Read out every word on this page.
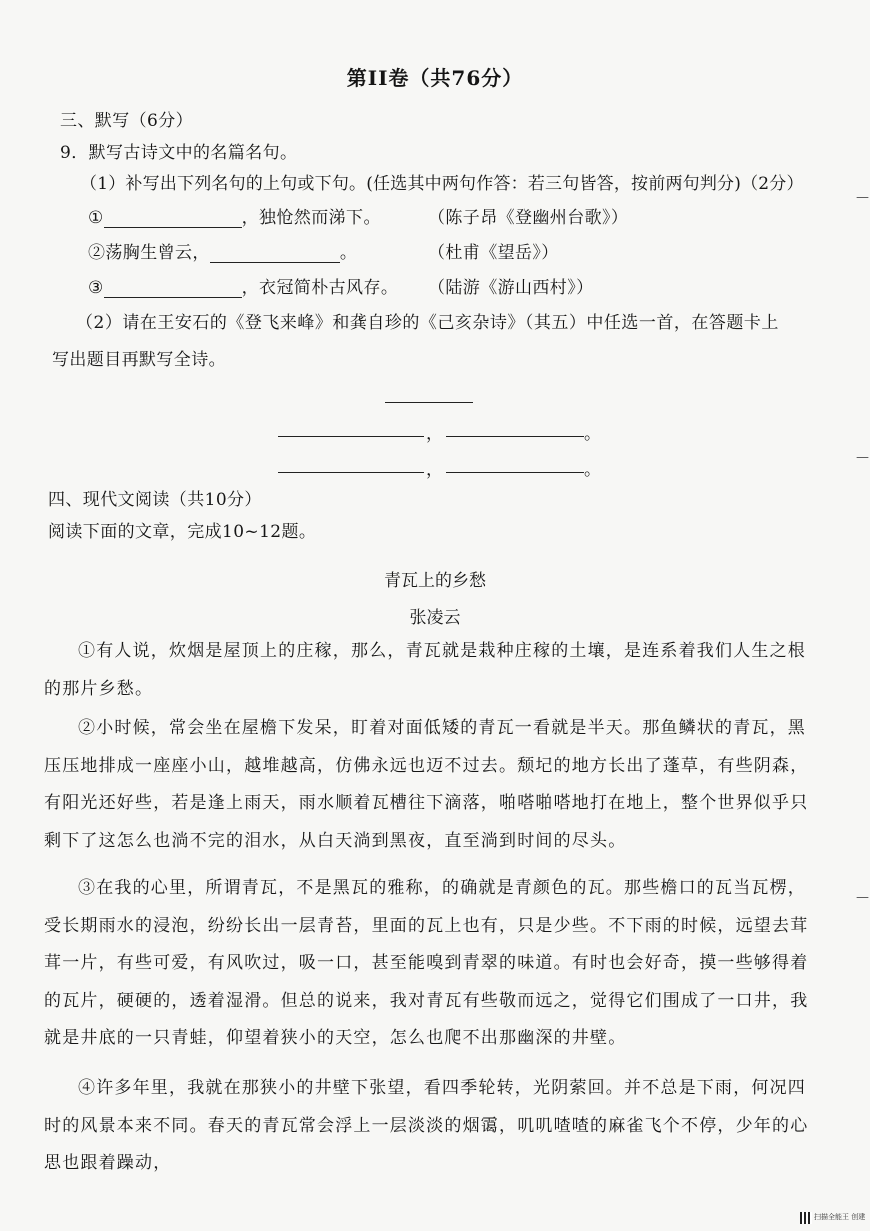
第II卷（共76分）
三、默写（6分）
9．默写古诗文中的名篇名句。
（1）补写出下列名句的上句或下句。(任选其中两句作答：若三句皆答，按前两句判分)（2分）
①	，独怆然而涕下。	（陈子昂《登幽州台歌》）
②荡胸生曾云，	。	（杜甫《望岳》）
③	，衣冠简朴古风存。 （陆游《游山西村》）
（2）请在王安石的《登飞来峰》和龚自珍的《己亥杂诗》（其五）中任选一首，在答题卡上
写出题目再默写全诗。
，	。
，	。
四、现代文阅读（共10分）
阅读下面的文章，完成10~12题。
青瓦上的乡愁
张凌云
①有人说，炊烟是屋顶上的庄稼，那么，青瓦就是栽种庄稼的土壤，是连系着我们人生之根的那片乡愁。
②小时候，常会坐在屋檐下发呆，盯着对面低矮的青瓦一看就是半天。那鱼鳞状的青瓦，黑压压地排成一座座小山，越堆越高，仿佛永远也迈不过去。颓圮的地方长出了蓬草，有些阴森，有阳光还好些，若是逢上雨天，雨水顺着瓦槽往下滴落，啪嗒啪嗒地打在地上，整个世界似乎只剩下了这怎么也淌不完的泪水，从白天淌到黑夜，直至淌到时间的尽头。
③在我的心里，所谓青瓦，不是黑瓦的雅称，的确就是青颜色的瓦。那些檐口的瓦当瓦楞，受长期雨水的浸泡，纷纷长出一层青苔，里面的瓦上也有，只是少些。不下雨的时候，远望去茸茸一片，有些可爱，有风吹过，吸一口，甚至能嗅到青翠的味道。有时也会好奇，摸一些够得着的瓦片，硬硬的，透着湿滑。但总的说来，我对青瓦有些敬而远之，觉得它们围成了一口井，我就是井底的一只青蛙，仰望着狭小的天空，怎么也爬不出那幽深的井壁。
④许多年里，我就在那狭小的井壁下张望，看四季轮转，光阴萦回。并不总是下雨，何况四时的风景本来不同。春天的青瓦常会浮上一层淡淡的烟霭，叽叽喳喳的麻雀飞个不停，少年的心思也跟着躁动，
—
—
—
扫描全能王 创建
